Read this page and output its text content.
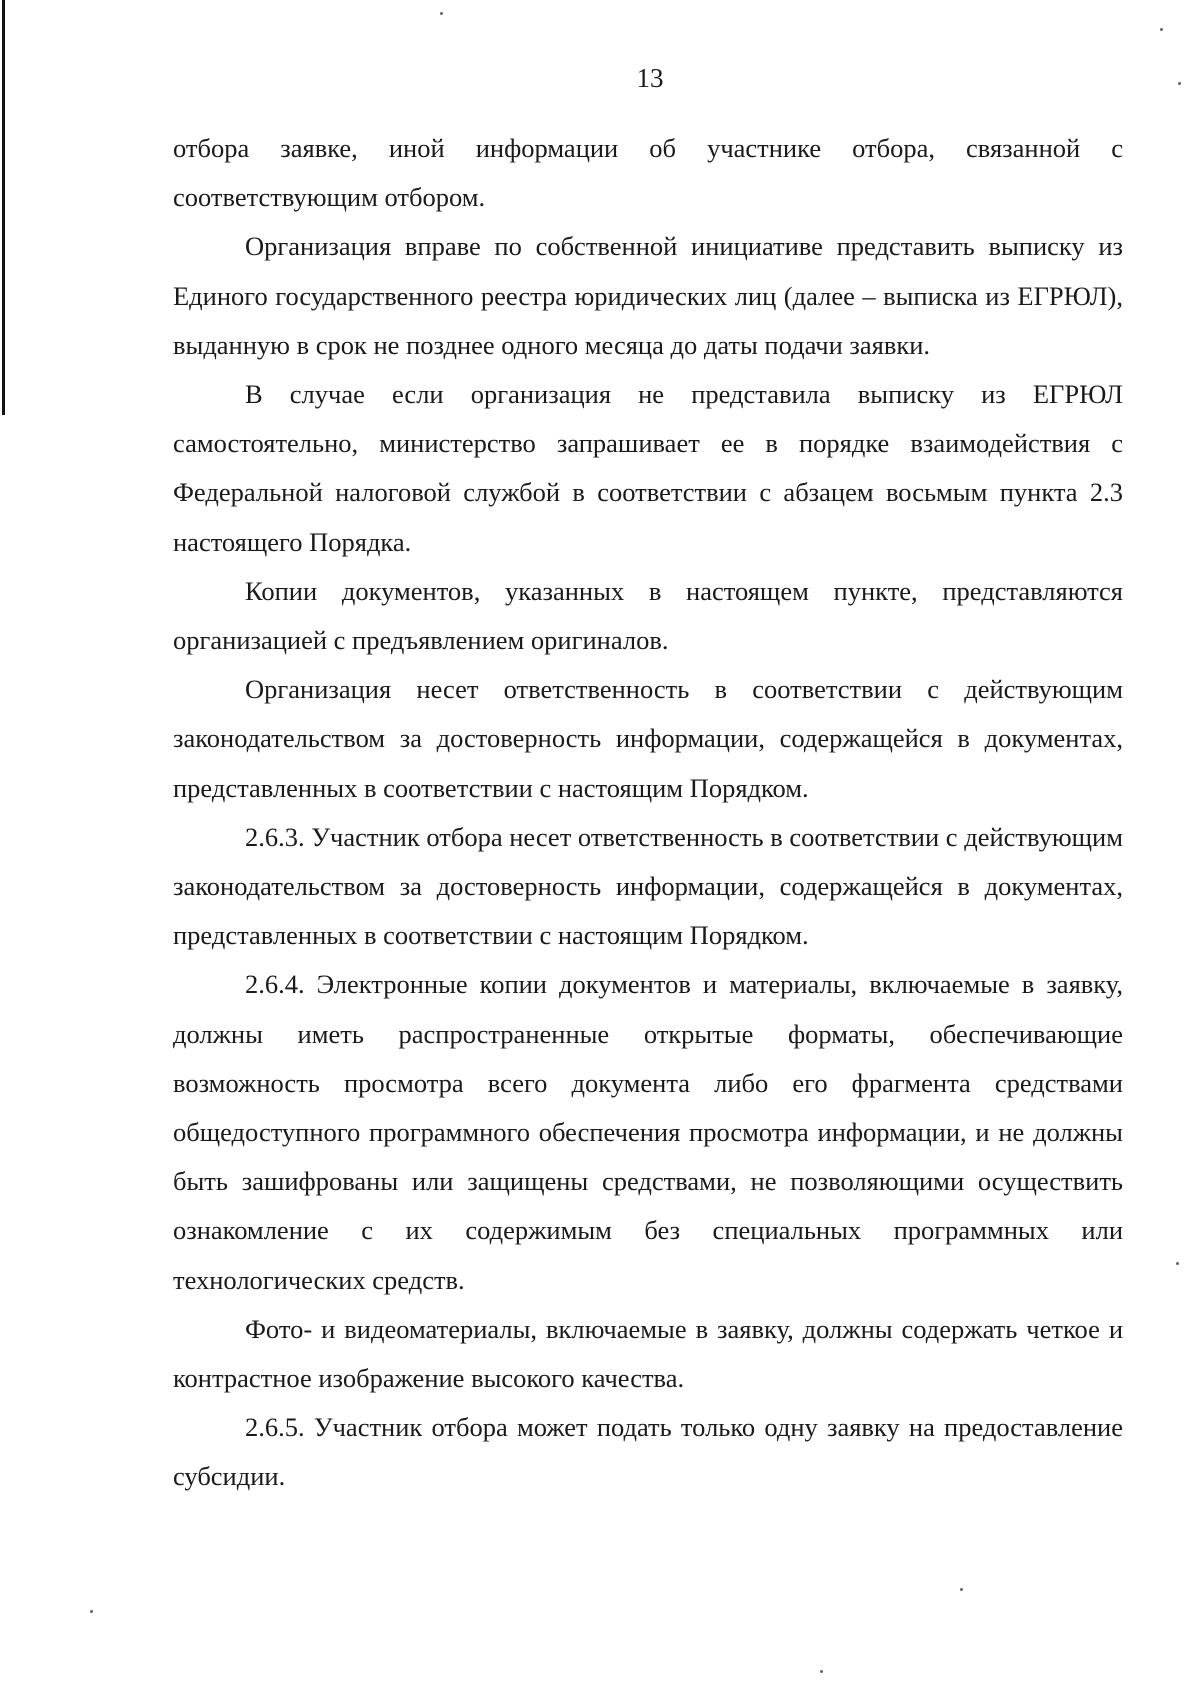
13

отбора заявке, иной информации об участнике отбора, связанной с соответствующим отбором.

Организация вправе по собственной инициативе представить выписку из Единого государственного реестра юридических лиц (далее – выписка из ЕГРЮЛ), выданную в срок не позднее одного месяца до даты подачи заявки.

В случае если организация не представила выписку из ЕГРЮЛ самостоятельно, министерство запрашивает ее в порядке взаимодействия с Федеральной налоговой службой в соответствии с абзацем восьмым пункта 2.3 настоящего Порядка.

Копии документов, указанных в настоящем пункте, представляются организацией с предъявлением оригиналов.

Организация несет ответственность в соответствии с действующим законодательством за достоверность информации, содержащейся в документах, представленных в соответствии с настоящим Порядком.

2.6.3. Участник отбора несет ответственность в соответствии с действующим законодательством за достоверность информации, содержащейся в документах, представленных в соответствии с настоящим Порядком.

2.6.4. Электронные копии документов и материалы, включаемые в заявку, должны иметь распространенные открытые форматы, обеспечивающие возможность просмотра всего документа либо его фрагмента средствами общедоступного программного обеспечения просмотра информации, и не должны быть зашифрованы или защищены средствами, не позволяющими осуществить ознакомление с их содержимым без специальных программных или технологических средств.

Фото- и видеоматериалы, включаемые в заявку, должны содержать четкое и контрастное изображение высокого качества.

2.6.5. Участник отбора может подать только одну заявку на предоставление субсидии.
